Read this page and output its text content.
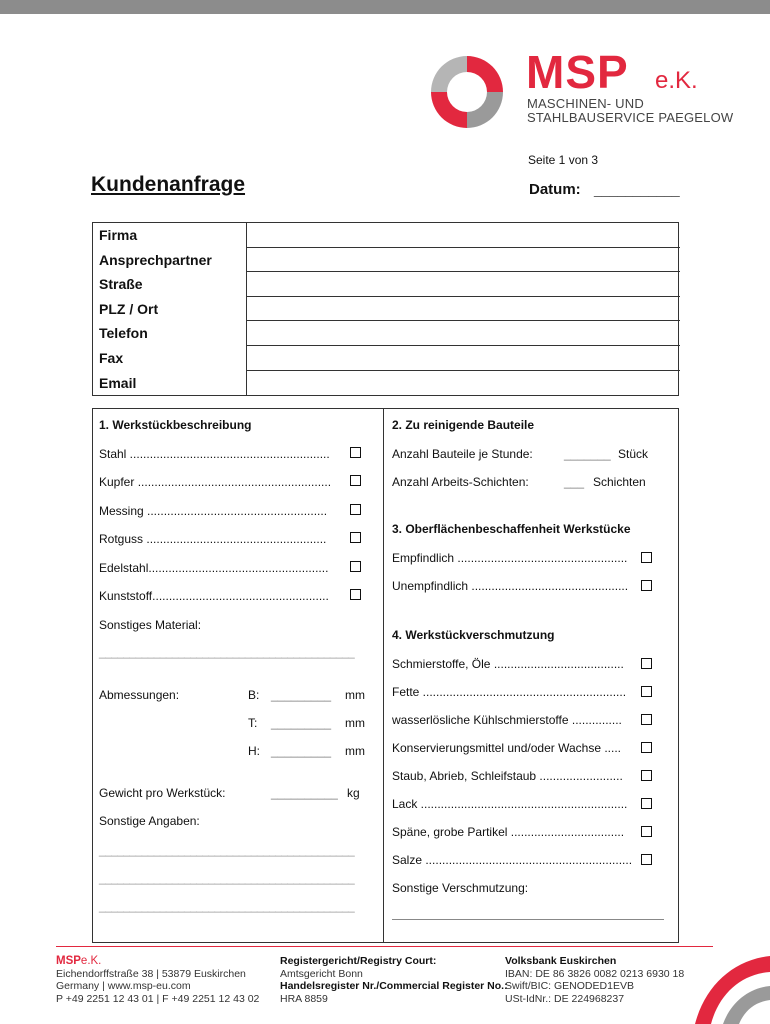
MSP e.K.
MASCHINEN- UND
STAHLBAUSERVICE PAEGELOW
Seite 1 von 3
Kundenanfrage	Datum: ___________
Firma
Ansprechpartner
Straße
PLZ / Ort
Telefon
Fax
Email
1. Werkstückbeschreibung
Stahl ............................................................
Kupfer ..........................................................
Messing ......................................................
Rotguss ......................................................
Edelstahl......................................................
Kunststoff.....................................................
Sonstiges Material:
__________________________________________
Abmessungen:	B: _________ mm
T: _________ mm
H: _________ mm
Gewicht pro Werkstück:	__________ kg
Sonstige Angaben:
__________________________________________
__________________________________________
__________________________________________
2. Zu reinigende Bauteile
Anzahl Bauteile je Stunde:	_______ Stück
Anzahl Arbeits-Schichten:	___ Schichten
3. Oberflächenbeschaffenheit Werkstücke
Empfindlich ...................................................
Unempfindlich ...............................................
4. Werkstückverschmutzung
Schmierstoffe, Öle .......................................
Fette .............................................................
wasserlösliche Kühlschmierstoffe ...............
Konservierungsmittel und/oder Wachse .....
Staub, Abrieb, Schleifstaub .........................
Lack ..............................................................
Späne, grobe Partikel ..................................
Salze ..............................................................
Sonstige Verschmutzung:
MSPe.K.
Eichendorffstraße 38 | 53879 Euskirchen
Germany | www.msp-eu.com
P +49 2251 12 43 01 | F +49 2251 12 43 02
Registergericht/Registry Court:
Amtsgericht Bonn
Handelsregister Nr./Commercial Register No.:
HRA 8859
Volksbank Euskirchen
IBAN: DE 86 3826 0082 0213 6930 18
Swift/BIC: GENODED1EVB
USt-IdNr.: DE 224968237
